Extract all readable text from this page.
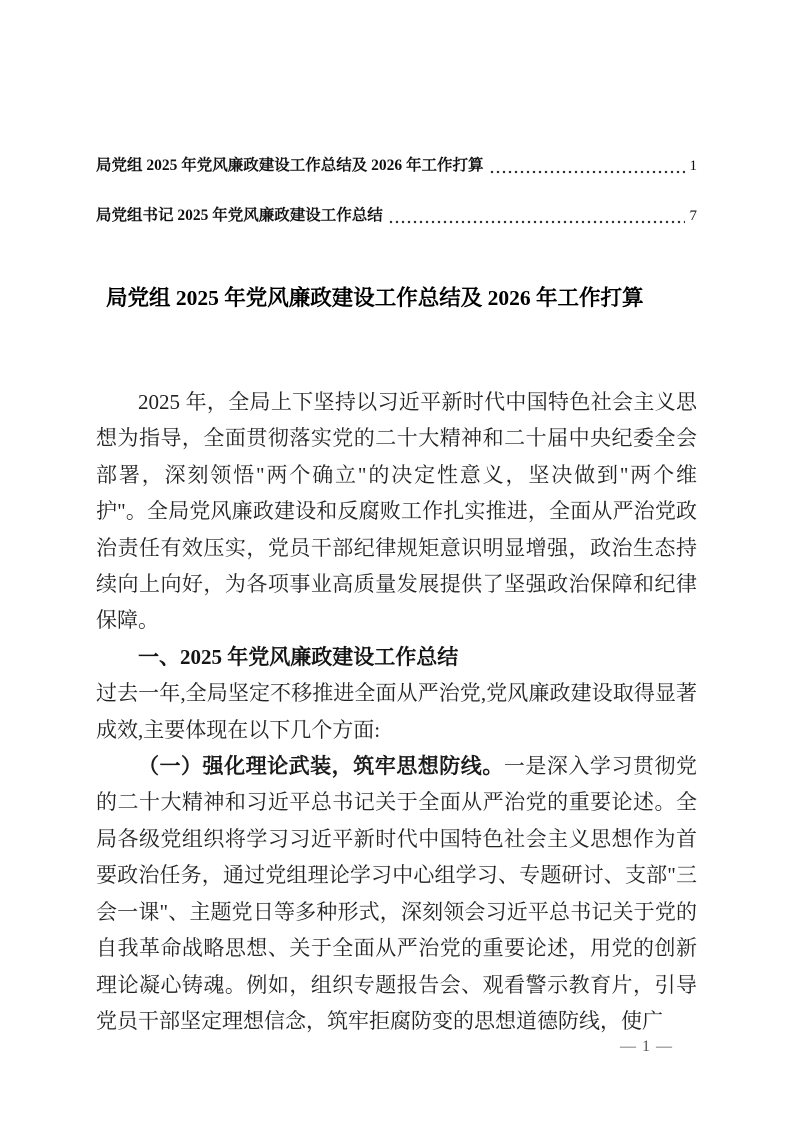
局党组 2025 年党风廉政建设工作总结及 2026 年工作打算	1
局党组书记 2025 年党风廉政建设工作总结	7
局党组 2025 年党风廉政建设工作总结及 2026 年工作打算

2025 年，全局上下坚持以习近平新时代中国特色社会主义思想为指导，全面贯彻落实党的二十大精神和二十届中央纪委全会部署，深刻领悟"两个确立"的决定性意义，坚决做到"两个维护"。全局党风廉政建设和反腐败工作扎实推进，全面从严治党政治责任有效压实，党员干部纪律规矩意识明显增强，政治生态持续向上向好，为各项事业高质量发展提供了坚强政治保障和纪律保障。

一、2025 年党风廉政建设工作总结

过去一年,全局坚定不移推进全面从严治党,党风廉政建设取得显著成效,主要体现在以下几个方面:

（一）强化理论武装，筑牢思想防线。一是深入学习贯彻党的二十大精神和习近平总书记关于全面从严治党的重要论述。全局各级党组织将学习习近平新时代中国特色社会主义思想作为首要政治任务，通过党组理论学习中心组学习、专题研讨、支部"三会一课"、主题党日等多种形式，深刻领会习近平总书记关于党的自我革命战略思想、关于全面从严治党的重要论述，用党的创新理论凝心铸魂。例如，组织专题报告会、观看警示教育片，引导党员干部坚定理想信念，筑牢拒腐防变的思想道德防线，使广

— 1 —
